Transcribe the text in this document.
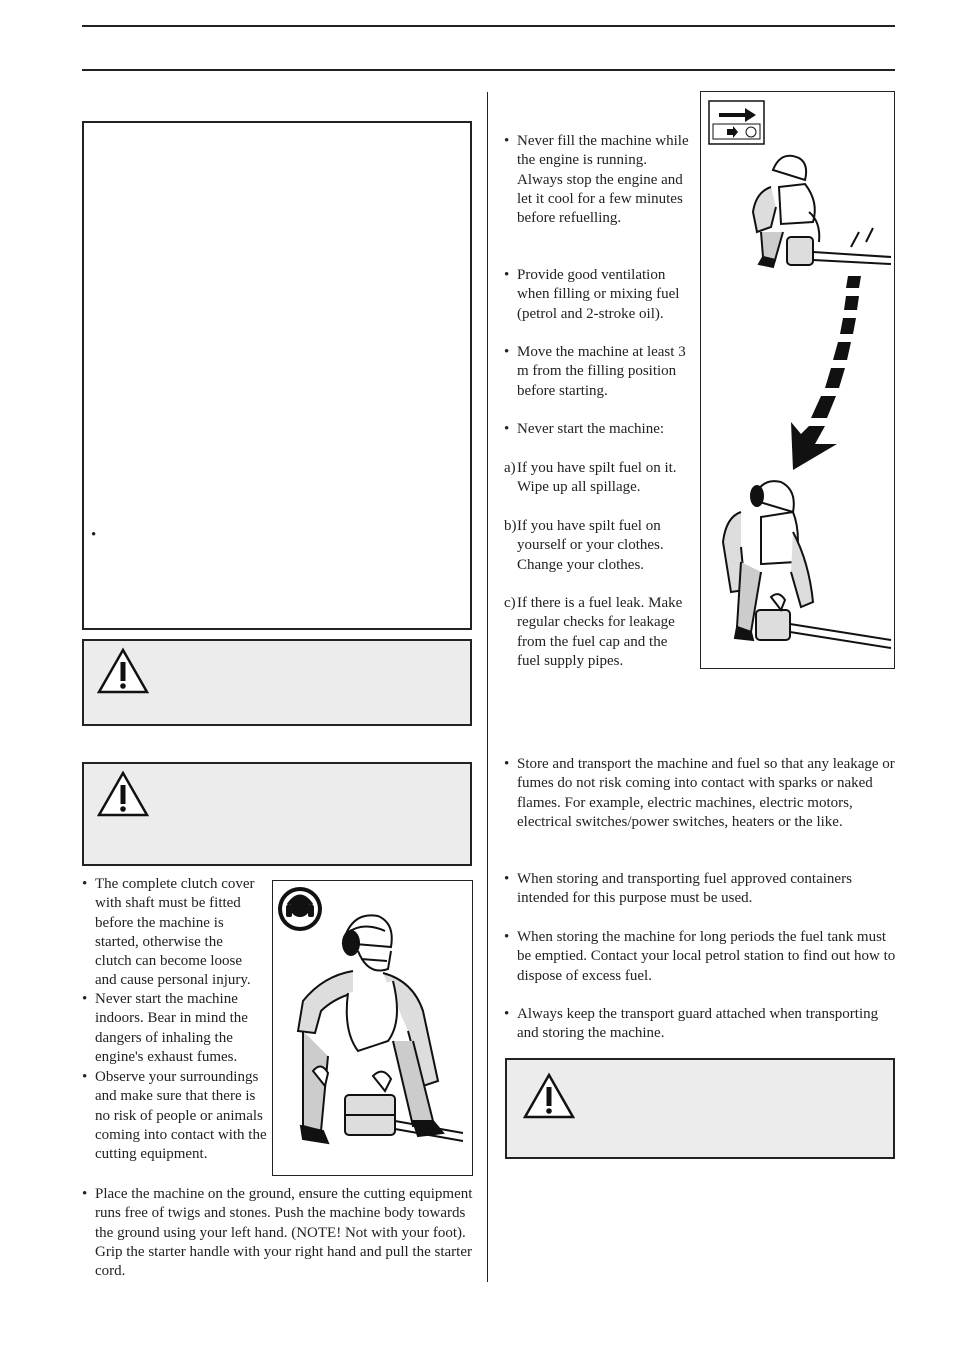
•
• The complete clutch cover with shaft must be fitted before the machine is started, otherwise the clutch can become loose and cause personal injury.
• Never start the machine indoors. Bear in mind the dangers of inhaling the engine's exhaust fumes.
• Observe your surroundings and make sure that there is no risk of people or animals coming into contact with the cutting equipment.
• Place the machine on the ground, ensure the cutting equipment runs free of twigs and stones. Push the machine body towards the ground using your left hand. (NOTE! Not with your foot). Grip the starter handle with your right hand and pull the starter cord.
• Never fill the machine while the engine is running. Always stop the engine and let it cool for a few minutes before refuelling.
• Provide good ventilation when filling or mixing fuel (petrol and 2-stroke oil).
• Move the machine at least 3 m from the filling position before starting.
• Never start the machine:
a) If you have spilt fuel on it. Wipe up all spillage.
b) If you have spilt fuel on yourself or your clothes. Change your clothes.
c) If there is a fuel leak. Make regular checks for leakage from the fuel cap and the fuel supply pipes.
• Store and transport the machine and fuel so that any leakage or fumes do not risk coming into contact with sparks or naked flames. For example, electric machines, electric motors, electrical switches/power switches, heaters or the like.
• When storing and transporting fuel approved containers intended for this purpose must be used.
• When storing the machine for long periods the fuel tank must be emptied. Contact your local petrol station to find out how to dispose of excess fuel.
• Always keep the transport guard attached when transporting and storing the machine.
